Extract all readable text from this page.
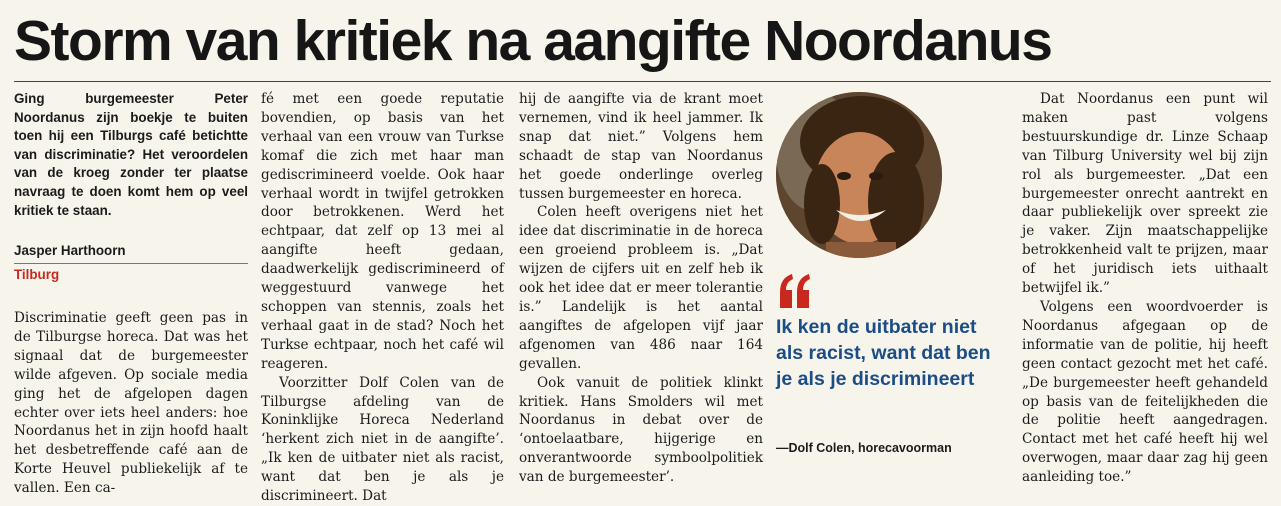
Storm van kritiek na aangifte Noordanus

Ging burgemeester Peter Noordanus zijn boekje te buiten toen hij een Tilburgs café betichtte van discriminatie? Het veroordelen van de kroeg zonder ter plaatse navraag te doen komt hem op veel kritiek te staan.

Jasper Harthoorn
Tilburg

Discriminatie geeft geen pas in de Tilburgse horeca. Dat was het signaal dat de burgemeester wilde afgeven. Op sociale media ging het de afgelopen dagen echter over iets heel anders: hoe Noordanus het in zijn hoofd haalt het desbetreffende café aan de Korte Heuvel publiekelijk af te vallen. Een ca-

fé met een goede reputatie bovendien, op basis van het verhaal van een vrouw van Turkse komaf die zich met haar man gediscrimineerd voelde. Ook haar verhaal wordt in twijfel getrokken door betrokkenen. Werd het echtpaar, dat zelf op 13 mei al aangifte heeft gedaan, daadwerkelijk gediscrimineerd of weggestuurd vanwege het schoppen van stennis, zoals het verhaal gaat in de stad? Noch het Turkse echtpaar, noch het café wil reageren.

Voorzitter Dolf Colen van de Tilburgse afdeling van de Koninklijke Horeca Nederland ‘herkent zich niet in de aangifte’. „Ik ken de uitbater niet als racist, want dat ben je als je discrimineert. Dat

hij de aangifte via de krant moet vernemen, vind ik heel jammer. Ik snap dat niet.” Volgens hem schaadt de stap van Noordanus het goede onderlinge overleg tussen burgemeester en horeca.

Colen heeft overigens niet het idee dat discriminatie in de horeca een groeiend probleem is. „Dat wijzen de cijfers uit en zelf heb ik ook het idee dat er meer tolerantie is.” Landelijk is het aantal aangiftes de afgelopen vijf jaar afgenomen van 486 naar 164 gevallen.

Ook vanuit de politiek klinkt kritiek. Hans Smolders wil met Noordanus in debat over de ‘ontoelaatbare, hijgerige en onverantwoorde symboolpolitiek van de burgemeester’.

Ik ken de uitbater niet als racist, want dat ben je als je discrimineert
—Dolf Colen, horecavoorman

Dat Noordanus een punt wil maken past volgens bestuurskundige dr. Linze Schaap van Tilburg University wel bij zijn rol als burgemeester. „Dat een burgemeester onrecht aantrekt en daar publiekelijk over spreekt zie je vaker. Zijn maatschappelijke betrokkenheid valt te prijzen, maar of het juridisch iets uithaalt betwijfel ik.”

Volgens een woordvoerder is Noordanus afgegaan op de informatie van de politie, hij heeft geen contact gezocht met het café. „De burgemeester heeft gehandeld op basis van de feitelijkheden die de politie heeft aangedragen. Contact met het café heeft hij wel overwogen, maar daar zag hij geen aanleiding toe.”
